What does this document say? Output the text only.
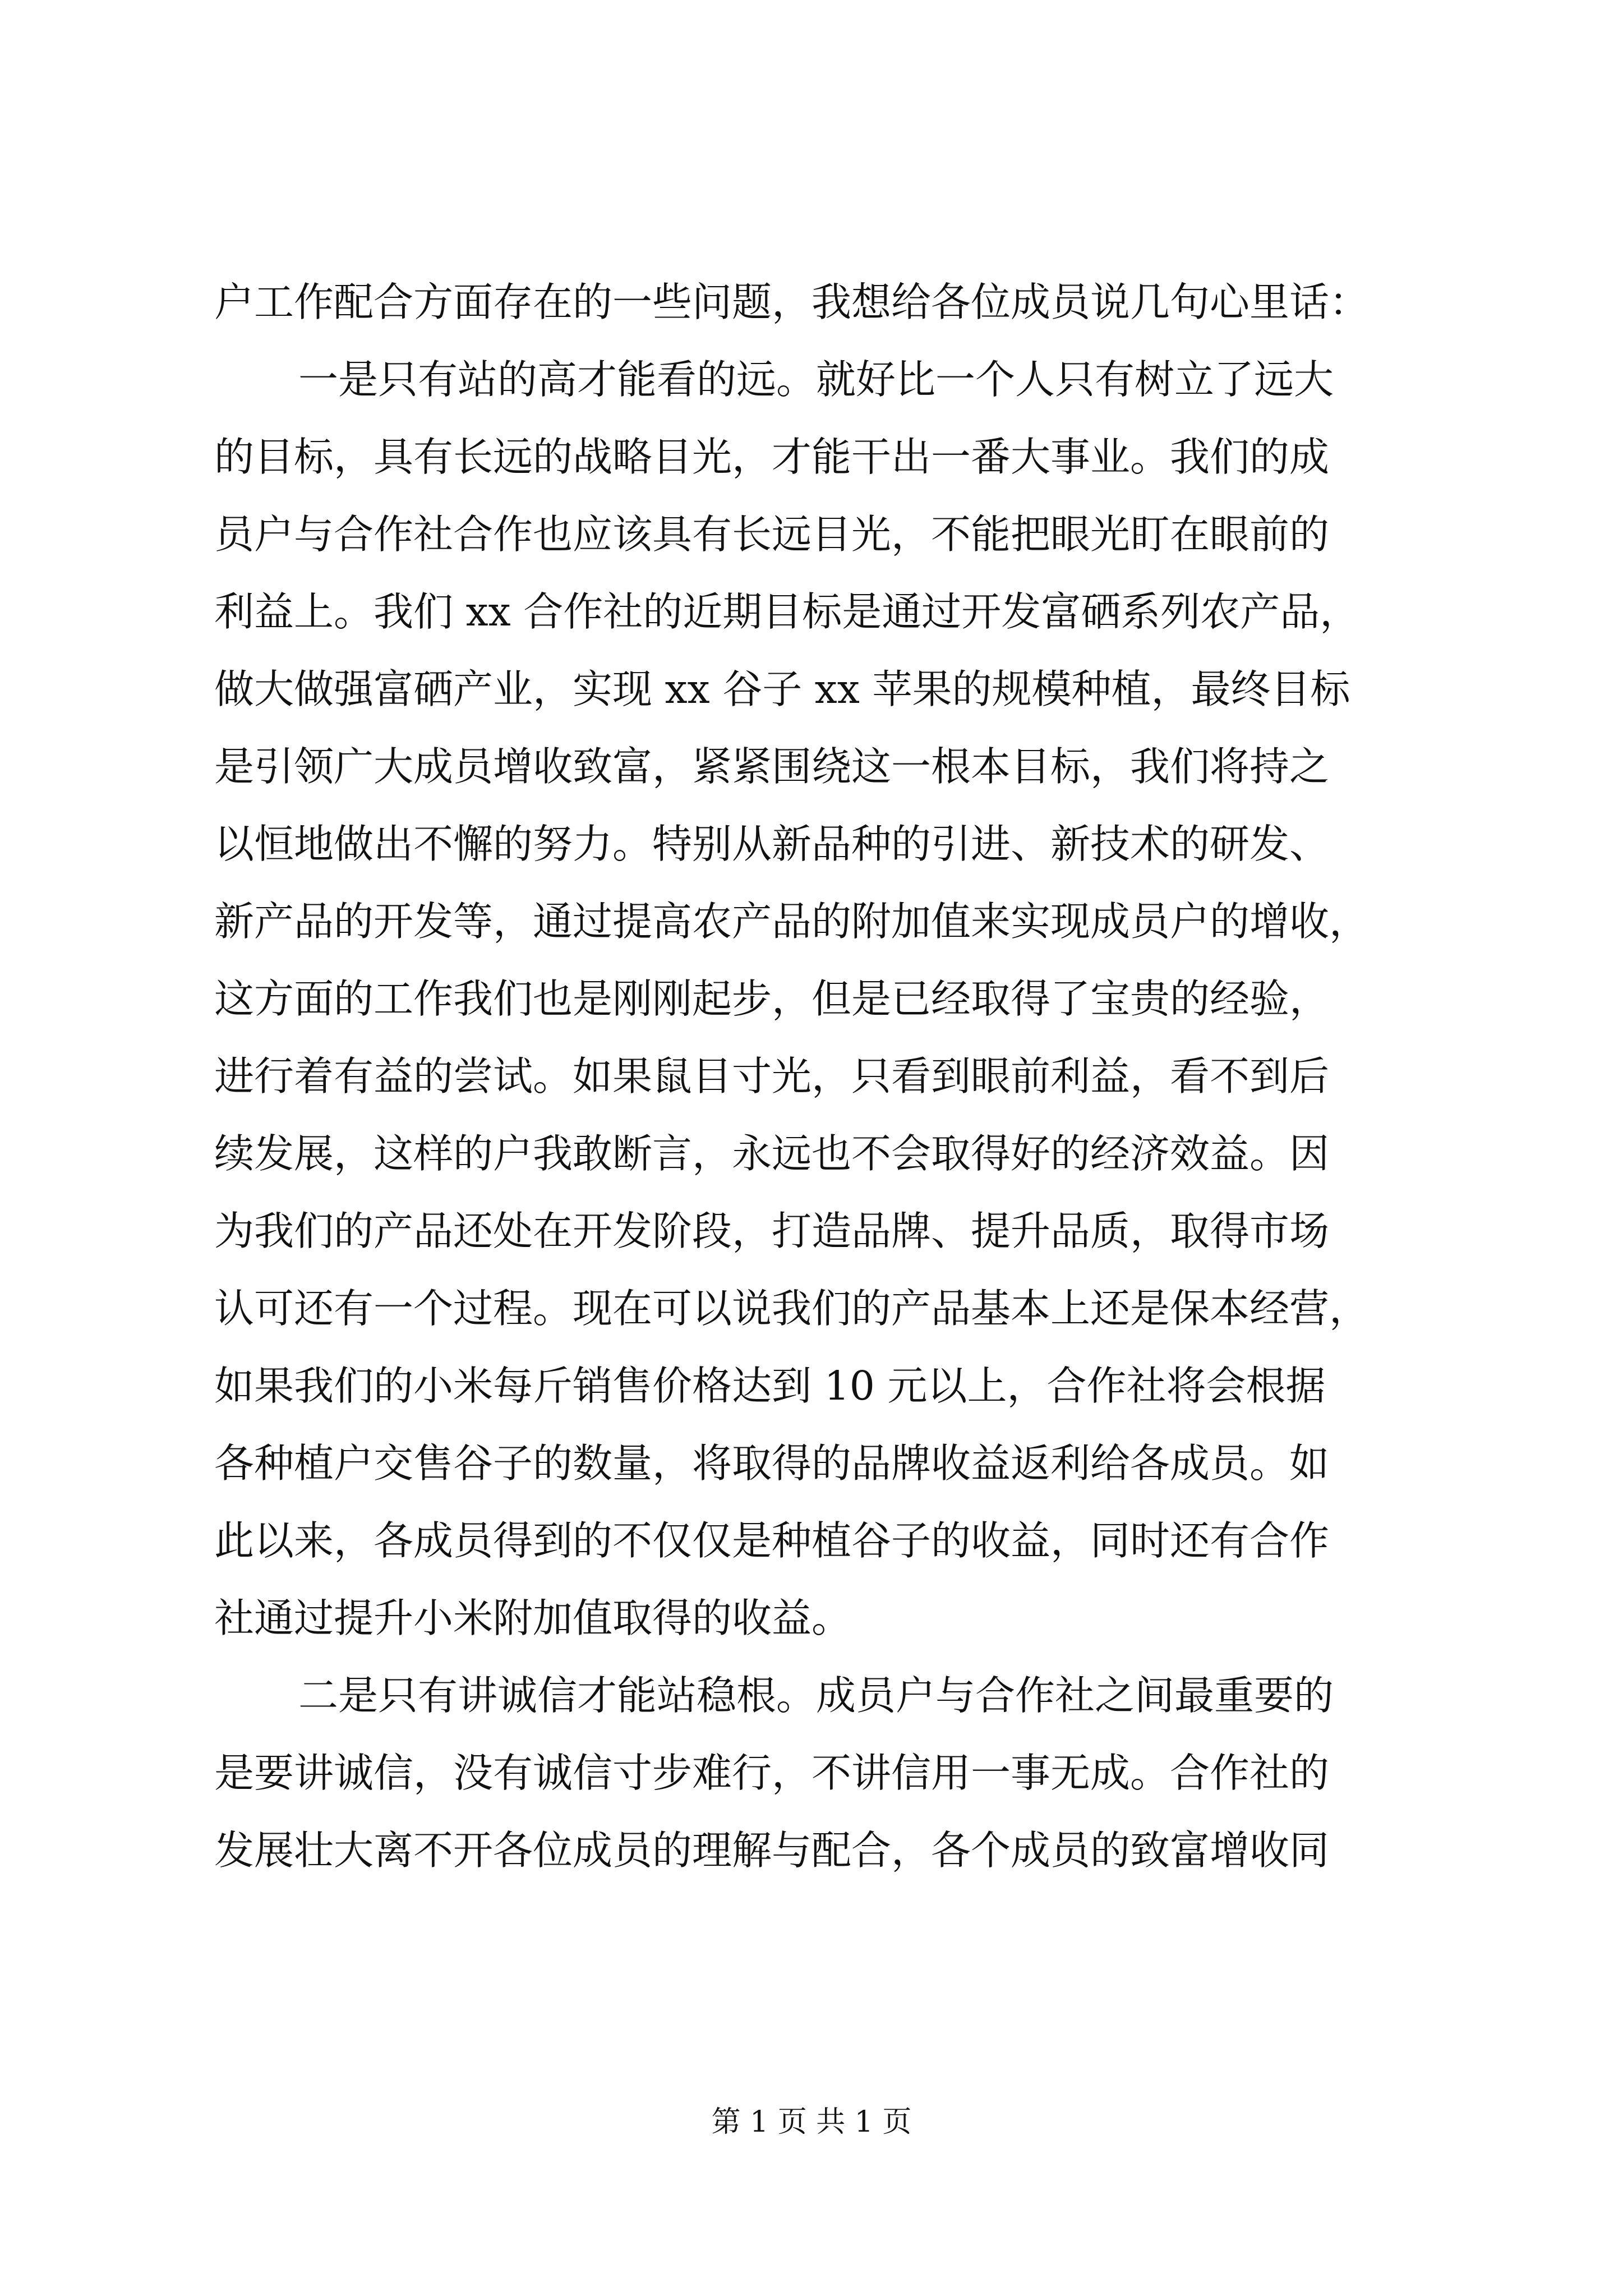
户工作配合方面存在的一些问题，我想给各位成员说几句心里话：
一是只有站的高才能看的远。就好比一个人只有树立了远大
的目标，具有长远的战略目光，才能干出一番大事业。我们的成
员户与合作社合作也应该具有长远目光，不能把眼光盯在眼前的
利益上。我们 xx 合作社的近期目标是通过开发富硒系列农产品，
做大做强富硒产业，实现 xx 谷子 xx 苹果的规模种植，最终目标
是引领广大成员增收致富，紧紧围绕这一根本目标，我们将持之
以恒地做出不懈的努力。特别从新品种的引进、新技术的研发、
新产品的开发等，通过提高农产品的附加值来实现成员户的增收，
这方面的工作我们也是刚刚起步，但是已经取得了宝贵的经验，
进行着有益的尝试。如果鼠目寸光，只看到眼前利益，看不到后
续发展，这样的户我敢断言，永远也不会取得好的经济效益。因
为我们的产品还处在开发阶段，打造品牌、提升品质，取得市场
认可还有一个过程。现在可以说我们的产品基本上还是保本经营，
如果我们的小米每斤销售价格达到 10 元以上，合作社将会根据
各种植户交售谷子的数量，将取得的品牌收益返利给各成员。如
此以来，各成员得到的不仅仅是种植谷子的收益，同时还有合作
社通过提升小米附加值取得的收益。
二是只有讲诚信才能站稳根。成员户与合作社之间最重要的
是要讲诚信，没有诚信寸步难行，不讲信用一事无成。合作社的
发展壮大离不开各位成员的理解与配合，各个成员的致富增收同
第 1 页 共 1 页
